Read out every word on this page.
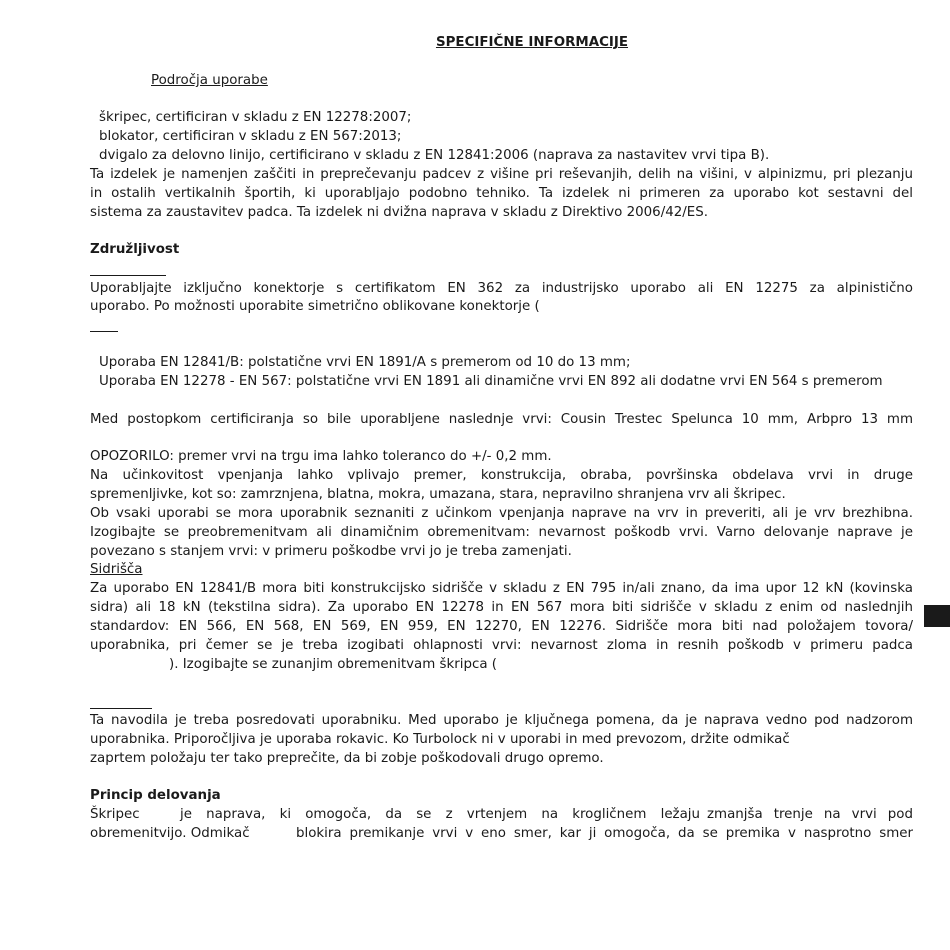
SPECIFIČNE INFORMACIJE
Področja uporabe
škripec, certificiran v skladu z EN 12278:2007;
blokator, certificiran v skladu z EN 567:2013;
dvigalo za delovno linijo, certificirano v skladu z EN 12841:2006 (naprava za nastavitev vrvi tipa B).
Ta izdelek je namenjen zaščiti in preprečevanju padcev z višine pri reševanjih, delih na višini, v alpinizmu, pri plezanju
in ostalih vertikalnih športih, ki uporabljajo podobno tehniko. Ta izdelek ni primeren za uporabo kot sestavni del
sistema za zaustavitev padca. Ta izdelek ni dvižna naprava v skladu z Direktivo 2006/42/ES.
Združljivost
Uporabljajte izključno konektorje s certifikatom EN 362 za industrijsko uporabo ali EN 12275 za alpinistično
uporabo. Po možnosti uporabite simetrično oblikovane konektorje (
Uporaba EN 12841/B: polstatične vrvi EN 1891/A s premerom od 10 do 13 mm;
Uporaba EN 12278 - EN 567: polstatične vrvi EN 1891 ali dinamične vrvi EN 892 ali dodatne vrvi EN 564 s premerom
Med postopkom certificiranja so bile uporabljene naslednje vrvi: Cousin Trestec Spelunca 10 mm, Arbpro 13 mm
OPOZORILO: premer vrvi na trgu ima lahko toleranco do +/- 0,2 mm.
Na učinkovitost vpenjanja lahko vplivajo premer, konstrukcija, obraba, površinska obdelava vrvi in druge
spremenljivke, kot so: zamrznjena, blatna, mokra, umazana, stara, nepravilno shranjena vrv ali škripec.
Ob vsaki uporabi se mora uporabnik seznaniti z učinkom vpenjanja naprave na vrv in preveriti, ali je vrv brezhibna.
Izogibajte se preobremenitvam ali dinamičnim obremenitvam: nevarnost poškodb vrvi. Varno delovanje naprave je
povezano s stanjem vrvi: v primeru poškodbe vrvi jo je treba zamenjati.
Sidrišča
Za uporabo EN 12841/B mora biti konstrukcijsko sidrišče v skladu z EN 795 in/ali znano, da ima upor 12 kN (kovinska
sidra) ali 18 kN (tekstilna sidra). Za uporabo EN 12278 in EN 567 mora biti sidrišče v skladu z enim od naslednjih
standardov: EN 566, EN 568, EN 569, EN 959, EN 12270, EN 12276. Sidrišče mora biti nad položajem tovora/
uporabnika, pri čemer se je treba izogibati ohlapnosti vrvi: nevarnost zloma in resnih poškodb v primeru padca
). Izogibajte se zunanjim obremenitvam škripca (
Ta navodila je treba posredovati uporabniku. Med uporabo je ključnega pomena, da je naprava vedno pod nadzorom
uporabnika. Priporočljiva je uporaba rokavic. Ko Turbolock ni v uporabi in med prevozom, držite odmikač
zaprtem položaju ter tako preprečite, da bi zobje poškodovali drugo opremo.
Princip delovanja
Škripec	je naprava, ki omogoča, da se z vrtenjem na krogličnem ležaju zmanjša trenje na vrvi pod
obremenitvijo. Odmikač	blokira premikanje vrvi v eno smer, kar ji omogoča, da se premika v nasprotno smer
